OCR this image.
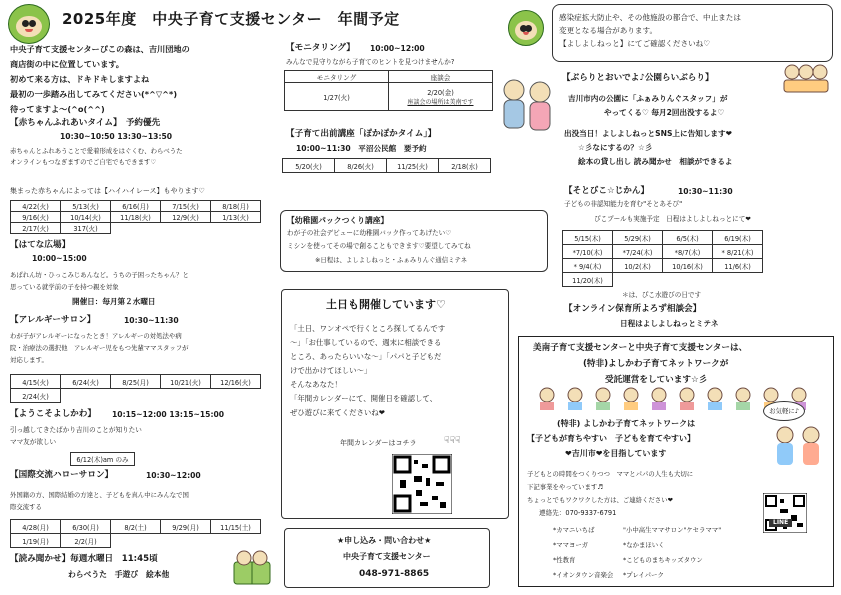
2025年度　中央子育て支援センター　年間予定	感染症拡大防止や、その他施設の都合で、中止または
変更となる場合があります。
【よしよしねっと】にてご確認くださいね♡
中央子育て支援センターぴこの森は、吉川団地の
商店街の中に位置しています。
初めて来る方は、ドキドキしますよね
最初の一歩踏み出してみてください(*^▽^*)
待ってますよ～(^o(^^)
【赤ちゃんふれあいタイム】　予約優先
10:30~10:50 13:30~13:50
赤ちゃんとふれあうことで愛着形成をはぐくむ、わらべうた
オンラインもつなぎますのでご自宅でもできます♡
集まった赤ちゃんによっては【ハイハイレース】もやります♡
4/22(火)	5/13(火)	6/16(月)	7/15(火)	8/18(月)
9/16(火)	10/14(火)	11/18(火)	12/9(火)	1/13(火)
2/17(火)	317(火)			
【はてな広場】
10:00~15:00
あぱれん坊・ひっこみじあんなど。うちの子困ったちゃん？と
思っている就学前の子を持つ親を対象
開催日：毎月第２水曜日
【アレルギーサロン】	10:30~11:30
わが子がアレルギーになったとき！アレルギーの対処法や病
院・治療法の選択他　アレルギー児をもつ先輩ママスタッフが
対応します。
4/15(火)	6/24(火)	8/25(月)	10/21(火)	12/16(火)
2/24(火)				
【ようこそよしかわ】 10:15~12:00 13:15~15:00
引っ越してきたばかり吉川のことが知りたい
ママ友が欲しい
6/12(木)am のみ
【国際交流ハローサロン】	10:30~12:00
外国籍の方、国際結婚の方達と、子どもを真ん中にみんなで国
際交流する
4/28(月)	6/30(月)	8/2(土)	9/29(月)	11/15(土)
1/19(月)	2/2(月)			
【読み聞かせ】毎週水曜日　11:45頃
わらべうた　手遊び　絵本他
【モニタリング】 10:00~12:00
みんなで見守りながら子育てのヒントを見つけませんか?
モニタリング	座談会
1/27(火)	2/20(金)
座談会の場所は美南です
【子育て出前講座「ぽかぽかタイム」】
10:00~11:30　平沼公民館　要予約
5/20(火)	8/26(火)	11/25(火)	2/18(水)
【幼稚園パックつくり講座】
わが子の社会デビューに幼稚園バック作ってあげたい♡
ミシンを使ってその場で創ることもできます♡要望してみてね
※日程は、よしよしねっと・ふぁみりんぐ通信ミテネ
土日も開催しています♡
「土日、ワンオペで行くところ探してるんです
～」「お仕事しているので、週末に相談できる
ところ、あったらいいな～」「パパと子どもだ
けで出かけてほしい～」
そんなあなた！
「年間カレンダーにて、開催日を確認して、
ぜひ遊びに来てくださいね❤
年間カレンダーはコチラ	☟☟☟
★申し込み・問い合わせ★
中央子育て支援センター
048-971-8865
【ぶらりとおいでよ♪公園らいぶらり】
吉川市内の公園に「ふぁみりんぐスタッフ」が
やってくる♡ 毎月2回出没するよ♡
出没当日！よしよしねっとSNS上に告知します❤
☆彡なにするの？☆彡
絵本の貸し出し 読み聞かせ　相談ができるよ
【そとびこ☆じかん】	10:30~11:30
子どもの非認知能力を育む"そとあそび"
ぴこプールも実施予定　日程はよしよしねっとにて❤
5/15(木)	5/29(木)	6/5(木)	6/19(木)
*7/10(木)	*7/24(木)	*8/7(木)	* 8/21(木)
* 9/4(木)	10/2(木)	10/16(木)	11/6(木)
11/20(木)			
＊は、ぴこ水遊びの日です
【オンライン保育所よろず相談会】
日程はよしよしねっとミテネ
美南子育て支援センターと中央子育て支援センターは、
(特非)よしかわ子育てネットワークが
受託運営をしています☆彡
(特非) よしかわ子育てネットワークは
【子どもが育ちやすい　子どもを育てやすい】
❤吉川市❤を目指しています
お気軽に♪
子どもとの時間をつくりつつ　ママとパパの人生も大切に
下記事業をやっています♬
ちょっとでもワクワクした方は、ご連絡ください❤
連絡先：070-9337-6791
*カマニいちば
*ママヨーガ
*性教育
*イオンタウン音楽会
"小中高生ママサロン"ケセラママ"
*なかまほいく
*こどものまちキッズタウン
*プレイパーク
LINE
